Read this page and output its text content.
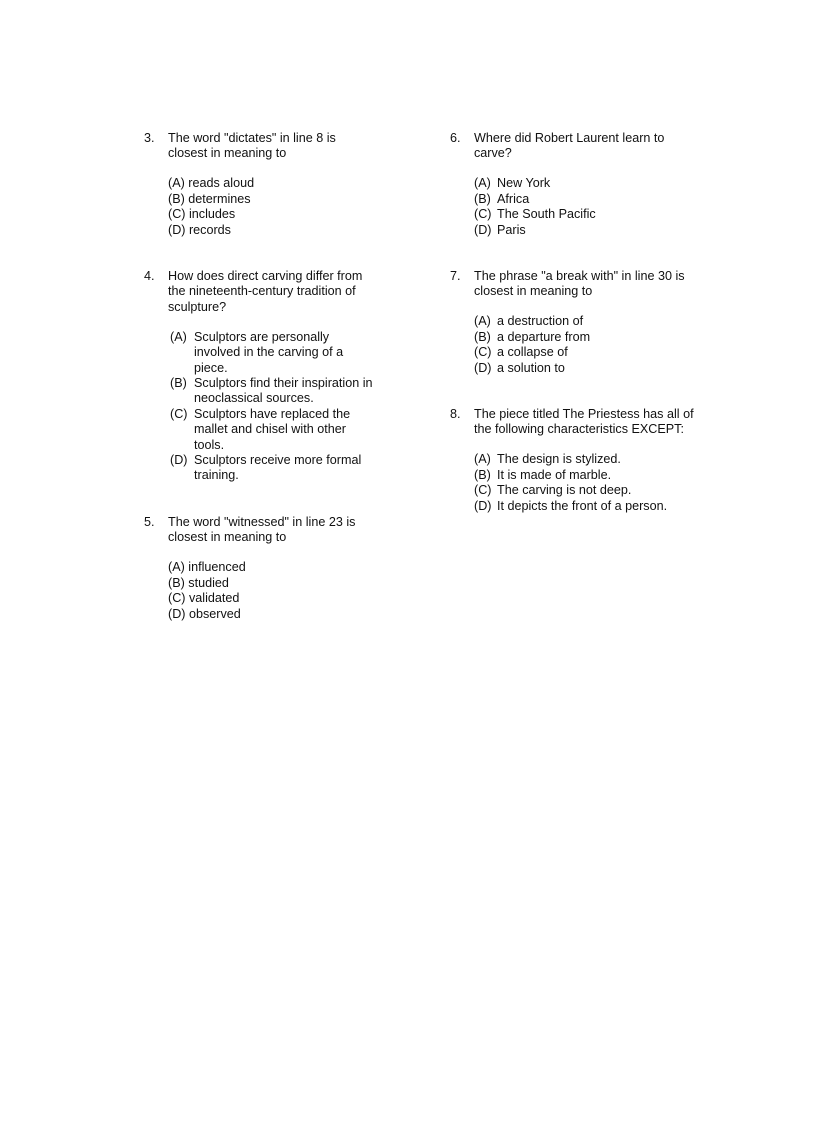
3. The word "dictates" in line 8 is closest in meaning to
(A) reads aloud
(B) determines
(C) includes
(D) records
4. How does direct carving differ from the nineteenth-century tradition of sculpture?
(A) Sculptors are personally involved in the carving of a piece.
(B) Sculptors find their inspiration in neoclassical sources.
(C) Sculptors have replaced the mallet and chisel with other tools.
(D) Sculptors receive more formal training.
5. The word "witnessed" in line 23 is closest in meaning to
(A) influenced
(B) studied
(C) validated
(D) observed
6. Where did Robert Laurent learn to carve?
(A) New York
(B) Africa
(C) The South Pacific
(D) Paris
7. The phrase "a break with" in line 30 is closest in meaning to
(A) a destruction of
(B) a departure from
(C) a collapse of
(D) a solution to
8. The piece titled The Priestess has all of the following characteristics EXCEPT:
(A) The design is stylized.
(B) It is made of marble.
(C) The carving is not deep.
(D) It depicts the front of a person.
